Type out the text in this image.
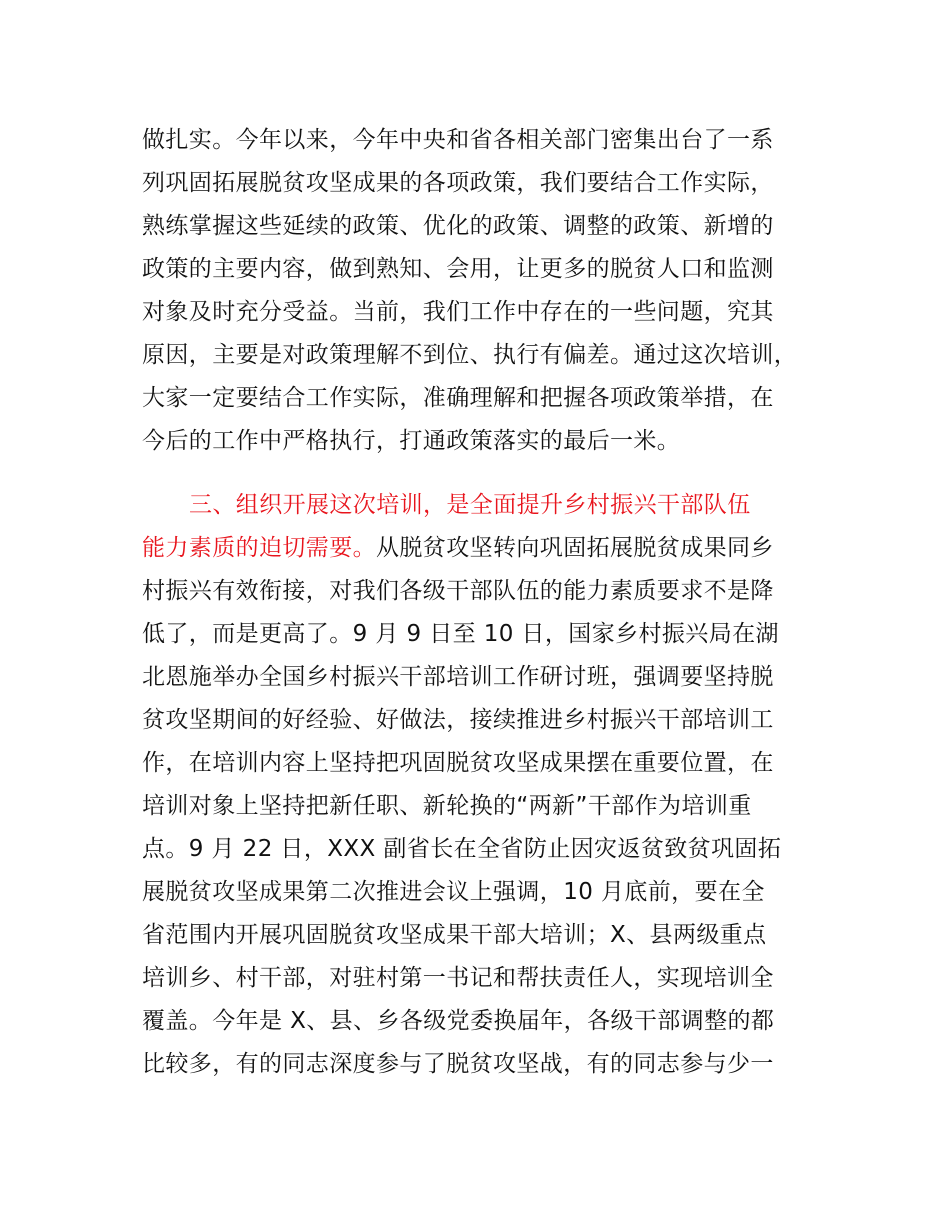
做扎实。今年以来，今年中央和省各相关部门密集出台了一系
列巩固拓展脱贫攻坚成果的各项政策，我们要结合工作实际，
熟练掌握这些延续的政策、优化的政策、调整的政策、新增的
政策的主要内容，做到熟知、会用，让更多的脱贫人口和监测
对象及时充分受益。当前，我们工作中存在的一些问题，究其
原因，主要是对政策理解不到位、执行有偏差。通过这次培训，
大家一定要结合工作实际，准确理解和把握各项政策举措，在
今后的工作中严格执行，打通政策落实的最后一米。
三、组织开展这次培训，是全面提升乡村振兴干部队伍
能力素质的迫切需要。从脱贫攻坚转向巩固拓展脱贫成果同乡
村振兴有效衔接，对我们各级干部队伍的能力素质要求不是降
低了，而是更高了。9 月 9 日至 10 日，国家乡村振兴局在湖
北恩施举办全国乡村振兴干部培训工作研讨班，强调要坚持脱
贫攻坚期间的好经验、好做法，接续推进乡村振兴干部培训工
作，在培训内容上坚持把巩固脱贫攻坚成果摆在重要位置，在
培训对象上坚持把新任职、新轮换的“两新”干部作为培训重
点。9 月 22 日，XXX 副省长在全省防止因灾返贫致贫巩固拓
展脱贫攻坚成果第二次推进会议上强调，10 月底前，要在全
省范围内开展巩固脱贫攻坚成果干部大培训；X、县两级重点
培训乡、村干部，对驻村第一书记和帮扶责任人，实现培训全
覆盖。今年是 X、县、乡各级党委换届年，各级干部调整的都
比较多，有的同志深度参与了脱贫攻坚战，有的同志参与少一
